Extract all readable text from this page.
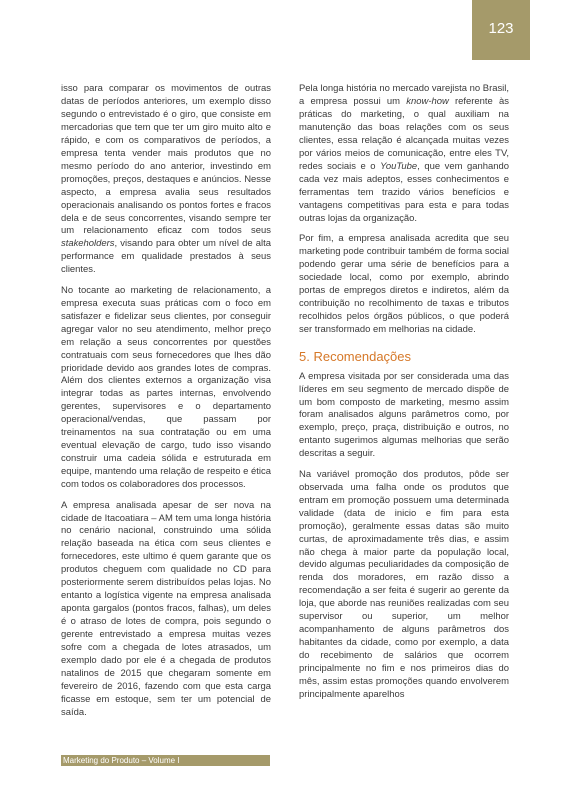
123

isso para comparar os movimentos de outras datas de períodos anteriores, um exemplo disso segundo o entrevistado é o giro, que consiste em mercadorias que tem que ter um giro muito alto e rápido, e com os comparativos de períodos, a empresa tenta vender mais produtos que no mesmo período do ano anterior, investindo em promoções, preços, destaques e anúncios. Nesse aspecto, a empresa avalia seus resultados operacionais analisando os pontos fortes e fracos dela e de seus concorrentes, visando sempre ter um relacionamento eficaz com todos seus stakeholders, visando para obter um nível de alta performance em qualidade prestados à seus clientes.

No tocante ao marketing de relacionamento, a empresa executa suas práticas com o foco em satisfazer e fidelizar seus clientes, por conseguir agregar valor no seu atendimento, melhor preço em relação a seus concorrentes por questões contratuais com seus fornecedores que lhes dão prioridade devido aos grandes lotes de compras. Além dos clientes externos a organização visa integrar todas as partes internas, envolvendo gerentes, supervisores e o departamento operacional/vendas, que passam por treinamentos na sua contratação ou em uma eventual elevação de cargo, tudo isso visando construir uma cadeia sólida e estruturada em equipe, mantendo uma relação de respeito e ética com todos os colaboradores dos processos.

A empresa analisada apesar de ser nova na cidade de Itacoatiara – AM tem uma longa história no cenário nacional, construindo uma sólida relação baseada na ética com seus clientes e fornecedores, este ultimo é quem garante que os produtos cheguem com qualidade no CD para posteriormente serem distribuídos pelas lojas. No entanto a logística vigente na empresa analisada aponta gargalos (pontos fracos, falhas), um deles é o atraso de lotes de compra, pois segundo o gerente entrevistado a empresa muitas vezes sofre com a chegada de lotes atrasados, um exemplo dado por ele é a chegada de produtos natalinos de 2015 que chegaram somente em fevereiro de 2016, fazendo com que esta carga ficasse em estoque, sem ter um potencial de saída.

Pela longa história no mercado varejista no Brasil, a empresa possui um know-how referente às práticas do marketing, o qual auxiliam na manutenção das boas relações com os seus clientes, essa relação é alcançada muitas vezes por vários meios de comunicação, entre eles TV, redes sociais e o YouTube, que vem ganhando cada vez mais adeptos, esses conhecimentos e ferramentas tem trazido vários benefícios e vantagens competitivas para esta e para todas outras lojas da organização.

Por fim, a empresa analisada acredita que seu marketing pode contribuir também de forma social podendo gerar uma série de benefícios para a sociedade local, como por exemplo, abrindo portas de empregos diretos e indiretos, além da contribuição no recolhimento de taxas e tributos recolhidos pelos órgãos públicos, o que poderá ser transformado em melhorias na cidade.

5. Recomendações

A empresa visitada por ser considerada uma das líderes em seu segmento de mercado dispõe de um bom composto de marketing, mesmo assim foram analisados alguns parâmetros como, por exemplo, preço, praça, distribuição e outros, no entanto sugerimos algumas melhorias que serão descritas a seguir.

Na variável promoção dos produtos, pôde ser observada uma falha onde os produtos que entram em promoção possuem uma determinada validade (data de inicio e fim para esta promoção), geralmente essas datas são muito curtas, de aproximadamente três dias, e assim não chega à maior parte da população local, devido algumas peculiaridades da composição de renda dos moradores, em razão disso a recomendação a ser feita é sugerir ao gerente da loja, que aborde nas reuniões realizadas com seu supervisor ou superior, um melhor acompanhamento de alguns parâmetros dos habitantes da cidade, como por exemplo, a data do recebimento de salários que ocorrem principalmente no fim e nos primeiros dias do mês, assim estas promoções quando envolverem principalmente aparelhos

Marketing do Produto – Volume I
